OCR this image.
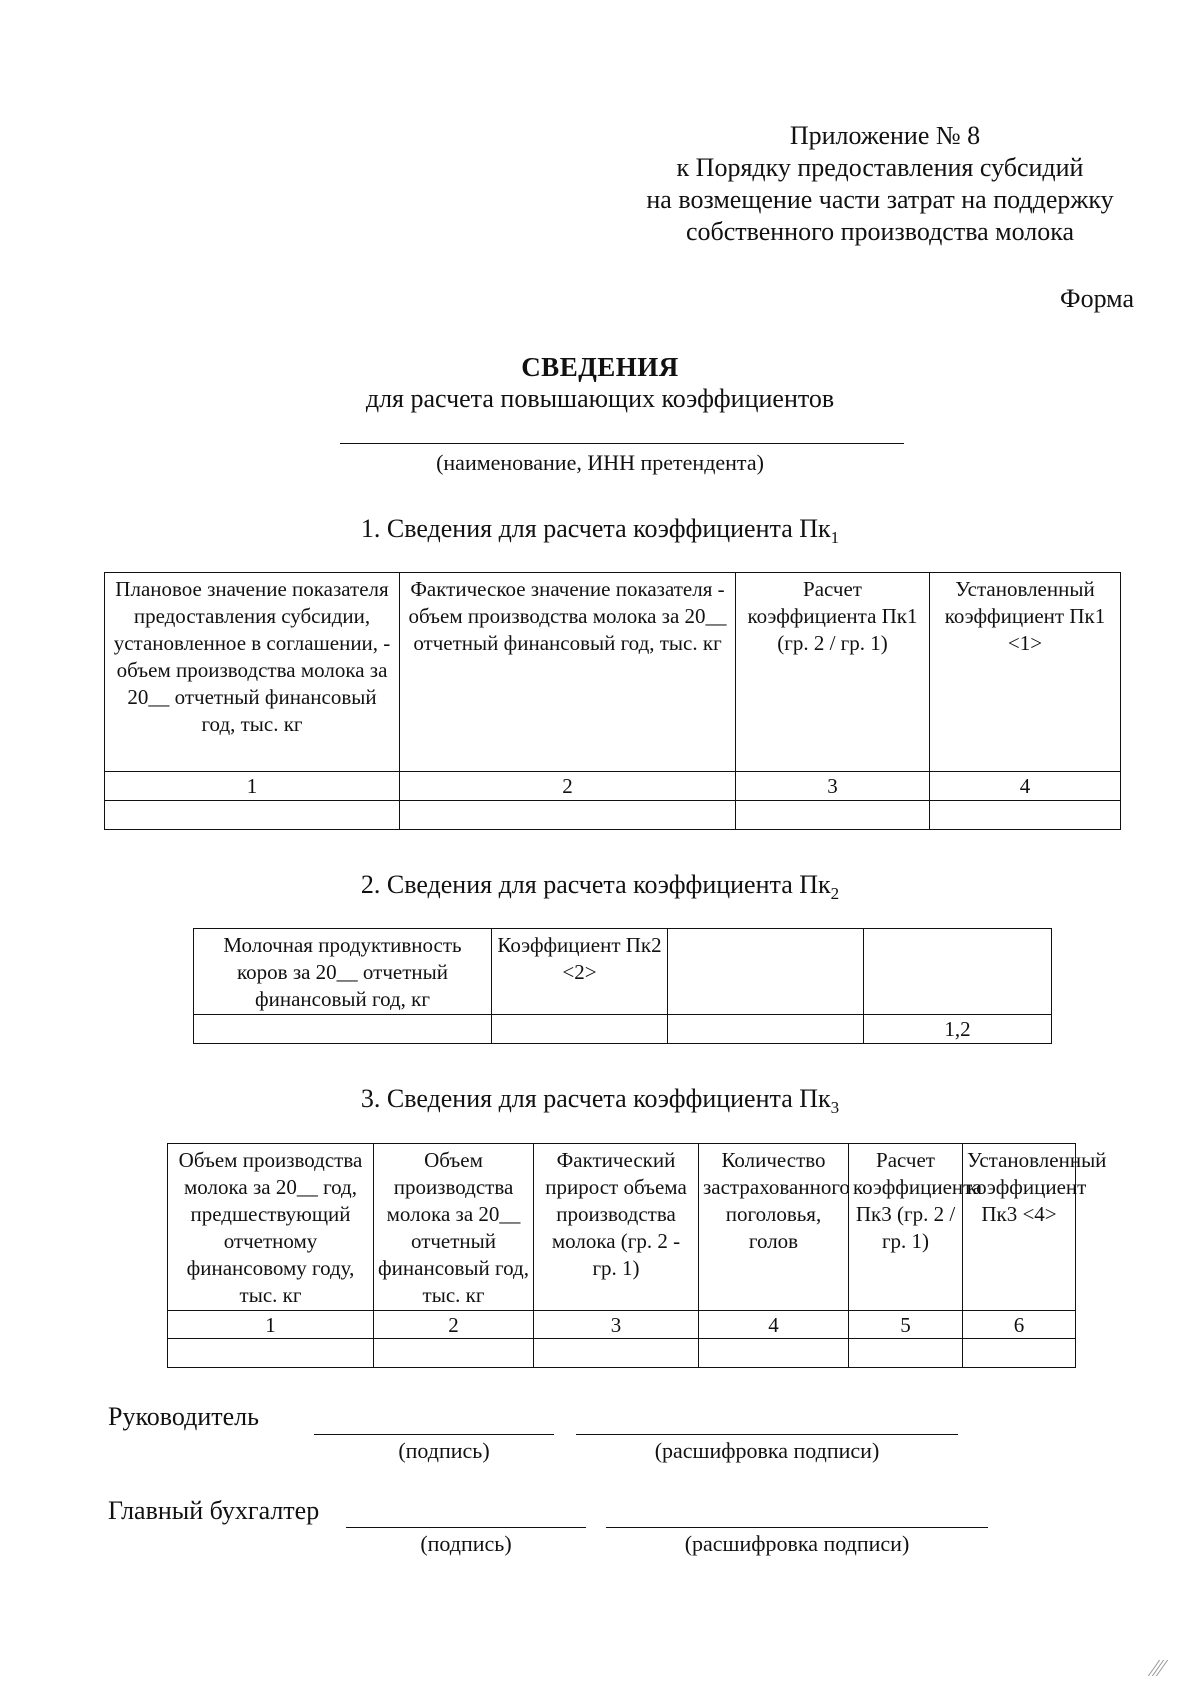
Приложение № 8
к Порядку предоставления субсидий
на возмещение части затрат на поддержку
собственного производства молока
Форма
СВЕДЕНИЯ
для расчета повышающих коэффициентов
(наименование, ИНН претендента)
1. Сведения для расчета коэффициента $Пк_1$
Плановое значение показателя предоставления субсидии, установленное в соглашении, - объем производства молока за 20__ отчетный финансовый год, тыс. кг	Фактическое значение показателя - объем производства молока за 20__ отчетный финансовый год, тыс. кг	Расчет коэффициента Пк1 (гр. 2 / гр. 1)	Установленный коэффициент Пк1 <1>
1	2	3	4

2. Сведения для расчета коэффициента $Пк_2$
Молочная продуктивность коров за 20__ отчетный финансовый год, кг	Коэффициент Пк2 <2>		
			1,2
3. Сведения для расчета коэффициента $Пк_3$
Объем производства молока за 20__ год, предшествующий отчетному финансовому году, тыс. кг	Объем производства молока за 20__ отчетный финансовый год, тыс. кг	Фактический прирост объема производства молока (гр. 2 - гр. 1)	Количество застрахованного поголовья, голов	Расчет коэффициента Пк3 (гр. 2 / гр. 1)	Установленный коэффициент Пк3 <4>
1	2	3	4	5	6

Руководитель
(подпись)	(расшифровка подписи)
Главный бухгалтер
(подпись)	(расшифровка подписи)
⁄⁄⁄
